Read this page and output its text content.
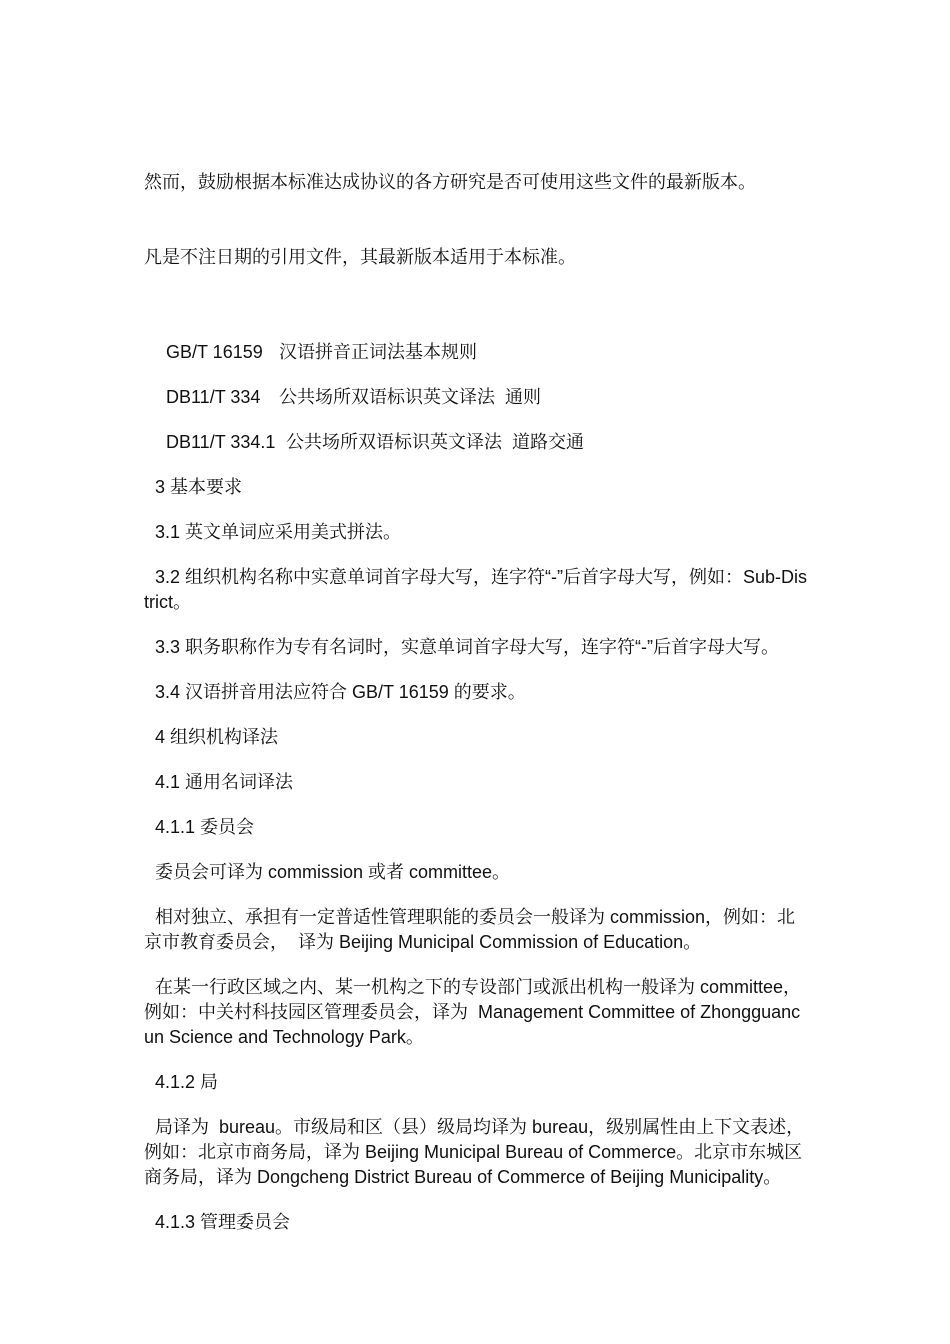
然而，鼓励根据本标准达成协议的各方研究是否可使用这些文件的最新版本。

凡是不注日期的引用文件，其最新版本适用于本标准。

GB/T 16159 汉语拼音正词法基本规则
DB11/T 334 公共场所双语标识英文译法  通则
DB11/T 334.1 公共场所双语标识英文译法  道路交通
3 基本要求
3.1 英文单词应采用美式拼法。
3.2 组织机构名称中实意单词首字母大写，连字符“-”后首字母大写，例如：Sub-District。
3.3 职务职称作为专有名词时，实意单词首字母大写，连字符“-”后首字母大写。
3.4 汉语拼音用法应符合 GB/T 16159 的要求。
4 组织机构译法
4.1 通用名词译法
4.1.1 委员会
委员会可译为 commission 或者 committee。
相对独立、承担有一定普适性管理职能的委员会一般译为 commission，例如：北京市教育委员会，  译为 Beijing Municipal Commission of Education。
在某一行政区域之内、某一机构之下的专设部门或派出机构一般译为 committee，例如：中关村科技园区管理委员会，译为  Management Committee of Zhongguancun Science and Technology Park。
4.1.2 局
局译为  bureau。市级局和区（县）级局均译为 bureau，级别属性由上下文表述，例如：北京市商务局，译为 Beijing Municipal Bureau of Commerce。北京市东城区商务局，译为 Dongcheng District Bureau of Commerce of Beijing Municipality。
4.1.3 管理委员会
